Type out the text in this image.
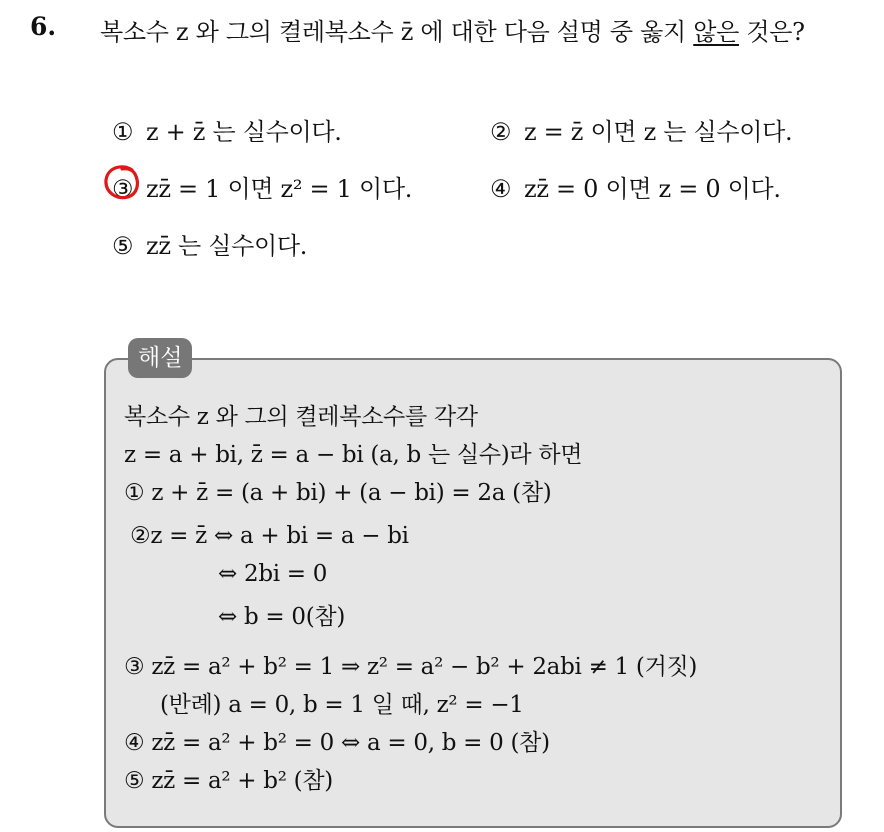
6. 복소수 z 와 그의 켤레복소수 z̄ 에 대한 다음 설명 중 옳지 않은 것은?
① z + z̄ 는 실수이다.	② z = z̄ 이면 z 는 실수이다.
③ zz̄ = 1 이면 z² = 1 이다.	④ zz̄ = 0 이면 z = 0 이다.
⑤ zz̄ 는 실수이다.
해설
복소수 z 와 그의 켤레복소수를 각각
z = a + bi, z̄ = a − bi (a, b 는 실수)라 하면
① z + z̄ = (a + bi) + (a − bi) = 2a (참)
②z = z̄ ⇔ a + bi = a − bi
⇔ 2bi = 0
⇔ b = 0(참)
③ zz̄ = a² + b² = 1 ⇒ z² = a² − b² + 2abi ≠ 1 (거짓)
(반례) a = 0, b = 1 일 때, z² = −1
④ zz̄ = a² + b² = 0 ⇔ a = 0, b = 0 (참)
⑤ zz̄ = a² + b² (참)
